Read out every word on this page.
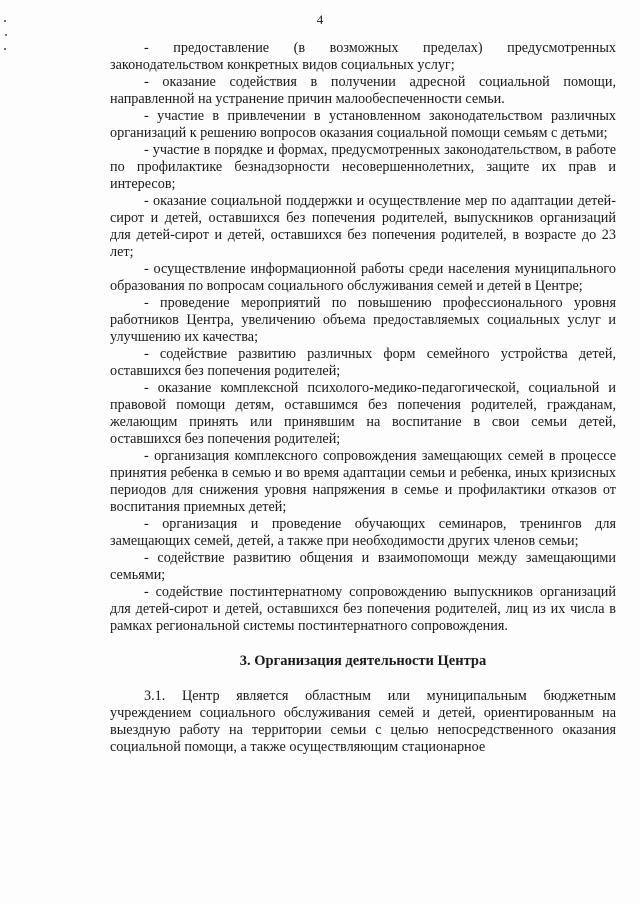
4

- предоставление (в возможных пределах) предусмотренных законодательством конкретных видов социальных услуг;

- оказание содействия в получении адресной социальной помощи, направленной на устранение причин малообеспеченности семьи.

- участие в привлечении в установленном законодательством различных организаций к решению вопросов оказания социальной помощи семьям с детьми;

- участие в порядке и формах, предусмотренных законодательством, в работе по профилактике безнадзорности несовершеннолетних, защите их прав и интересов;

- оказание социальной поддержки и осуществление мер по адаптации детей-сирот и детей, оставшихся без попечения родителей, выпускников организаций для детей-сирот и детей, оставшихся без попечения родителей, в возрасте до 23 лет;

- осуществление информационной работы среди населения муниципального образования по вопросам социального обслуживания семей и детей в Центре;

- проведение мероприятий по повышению профессионального уровня работников Центра, увеличению объема предоставляемых социальных услуг и улучшению их качества;

- содействие развитию различных форм семейного устройства детей, оставшихся без попечения родителей;

- оказание комплексной психолого-медико-педагогической, социальной и правовой помощи детям, оставшимся без попечения родителей, гражданам, желающим принять или принявшим на воспитание в свои семьи детей, оставшихся без попечения родителей;

- организация комплексного сопровождения замещающих семей в процессе принятия ребенка в семью и во время адаптации семьи и ребенка, иных кризисных периодов для снижения уровня напряжения в семье и профилактики отказов от воспитания приемных детей;

- организация и проведение обучающих семинаров, тренингов для замещающих семей, детей, а также при необходимости других членов семьи;

- содействие развитию общения и взаимопомощи между замещающими семьями;

- содействие постинтернатному сопровождению выпускников организаций для детей-сирот и детей, оставшихся без попечения родителей, лиц из их числа в рамках региональной системы постинтернатного сопровождения.

3. Организация деятельности Центра

3.1. Центр является областным или муниципальным бюджетным учреждением социального обслуживания семей и детей, ориентированным на выездную работу на территории семьи с целью непосредственного оказания социальной помощи, а также осуществляющим стационарное
